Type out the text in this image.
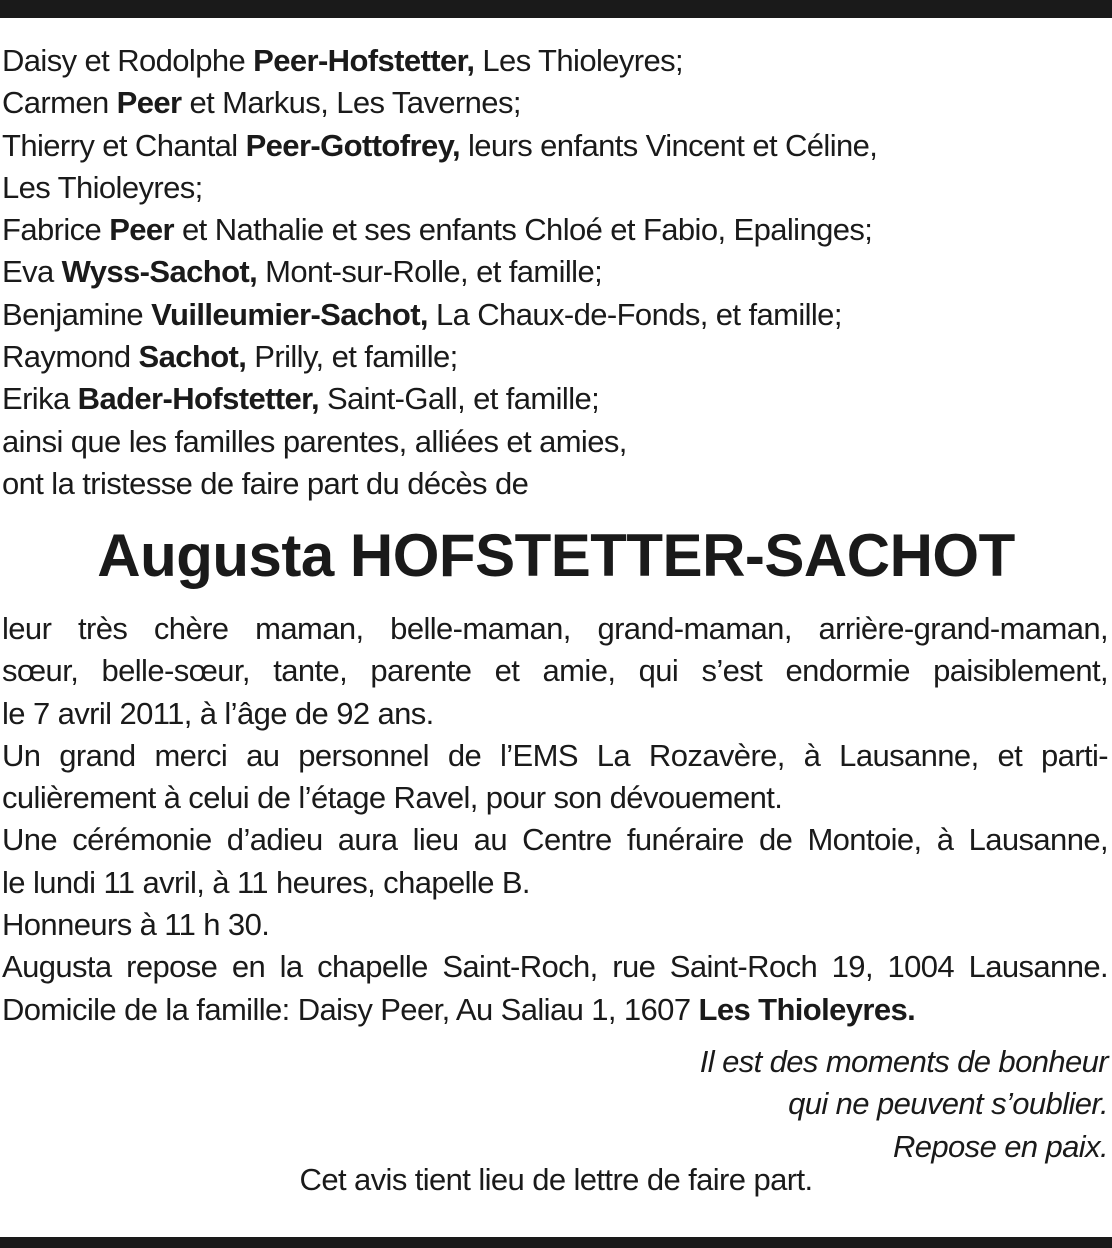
Daisy et Rodolphe Peer-Hofstetter, Les Thioleyres;
Carmen Peer et Markus, Les Tavernes;
Thierry et Chantal Peer-Gottofrey, leurs enfants Vincent et Céline,
Les Thioleyres;
Fabrice Peer et Nathalie et ses enfants Chloé et Fabio, Epalinges;
Eva Wyss-Sachot, Mont-sur-Rolle, et famille;
Benjamine Vuilleumier-Sachot, La Chaux-de-Fonds, et famille;
Raymond Sachot, Prilly, et famille;
Erika Bader-Hofstetter, Saint-Gall, et famille;
ainsi que les familles parentes, alliées et amies,
ont la tristesse de faire part du décès de
Augusta HOFSTETTER-SACHOT
leur très chère maman, belle-maman, grand-maman, arrière-grand-maman,
sœur, belle-sœur, tante, parente et amie, qui s’est endormie paisiblement,
le 7 avril 2011, à l’âge de 92 ans.
Un grand merci au personnel de l’EMS La Rozavère, à Lausanne, et parti-
culièrement à celui de l’étage Ravel, pour son dévouement.
Une cérémonie d’adieu aura lieu au Centre funéraire de Montoie, à Lausanne,
le lundi 11 avril, à 11 heures, chapelle B.
Honneurs à 11 h 30.
Augusta repose en la chapelle Saint-Roch, rue Saint-Roch 19, 1004 Lausanne.
Domicile de la famille: Daisy Peer, Au Saliau 1, 1607 Les Thioleyres.
Il est des moments de bonheur
qui ne peuvent s’oublier.
Repose en paix.
Cet avis tient lieu de lettre de faire part.
